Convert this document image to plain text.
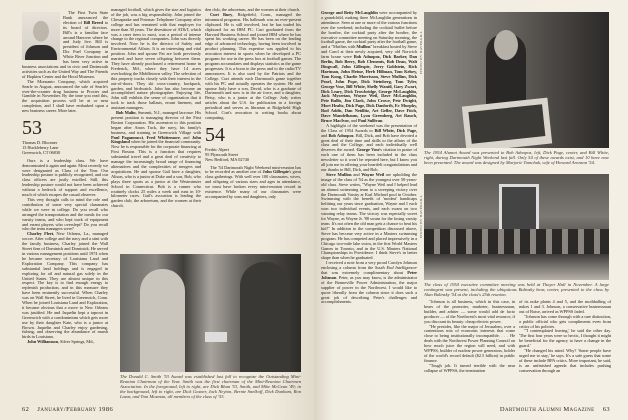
The First Twin State Bank announced the election of Bill Breed to its board of directors. Bill's is a familiar face around Hanover where he and Judy live. Bill is president of Johnson and Dix Fuel Company in White River Junction and has been very active in business associations and in civic and Dartmouth activities such as the United Way and The Friends of Hopkins Center and the Hood Museum.

The Monsanto Company, which acquired Searle in August, announced the sale of Searle's over-the-counter drug business to Procter and Gamble in November. By the time you read this, the acquisition process will be at or near completion, and I shall have embarked upon a new business career. More later.

53

Thomas D. Bloomer
13 Huckleberry Lane
Greenwich, CT 06830

Ours is a leadership class. We have demonstrated it again and again. Most recently we were designated as Class of the Year. Our leadership posture is publicly recognized, and our class officers are justly extolled. Still, this leadership posture would not have been achieved without a bedrock of support and excellence, much of which escapes the casual observer.

This very thought calls to mind the role and contribution of some very special classmates while we were in college. Do you recall who arranged the transportation and the meals for our varsity teams, and who kept track of equipment and errant players who overslept? Do you recall who the team managers were?

Charley Fleet, New Orleans, La., managed soccer. After college and the navy and a stint with the family business, Charley joined the Wall Street firm of Dominick and Dominick. He served in various management positions until 1974 when he became secretary of Louisiana Land and Exploration Company. This company has substantial land holdings and is engaged in exploring for oil and natural gas solely in the United States. They are almost unique in this respect. The key is to find enough energy to replenish production, and in this measure they have been eminently successful. When Charley was on Wall Street, he lived in Greenwich, Conn. When he joined Louisiana Land and Exploration, it became obvious that a move to New Orleans was justified. He and Jaquelin kept a taproot in Greenwich with a condominium which gets more use by their daughter Kate, who is a junior at Brown. Jaquelin and Charley enjoy gardening, fishing, and observing the abundance of marsh birds in Louisiana.

John Williamson, Silver Springs, Md.,

managed football, which gives the size and logistics of the job, was a big responsibility. John joined the Chesapeake and Potomac Telephone Company after college and has remained with that employer for more than 30 years. The divestiture of AT&T, which was a rarer item to most, was a period of intense change to the regional companies. John was directly involved. Now he is the director of Safety and Environmental Affairs. It is an interesting and vital position. John and spouse Pat are both previously married and have seven offspring between them. They have already purchased a retirement home in Frederick, Md., where they have 14 acres overlooking the Middletown valley. The selection of this property tracks closely with their interest in the out-of-doors. They ski cross-country, backpack, garden, and birdwatch. John has also become an accomplished nature photographer. Enjoying life, John still exhibits the sense of organization that it took to track those ballasts, errant linemen, and assistant managers.

Bob Malin, Summit, N.J., managed lacrosse. His present position is managing director of the First Boston Corporation. His ascension to this position began after Amos Tuck, the navy, his family's business, and training in Greenwich Village with Paul Pagannucci, Fred Whittemore, and John Kingsland when he joined the financial community. Now he is responsible for the corporate financing at First Boston. This is a function that requires substantial travel and a great deal of creativity to manage the increasingly broad range of financing alternatives and the complexities of mergers and acquisitions. He and spouse Gail have a daughter, Alison, who is a junior at Duke and a son, Bob, who plays three sports as a junior at the Westminster School in Connecticut. Bob is a runner who routinely clocks 25 miles a week and runs in 10-kilometer races. Gail's avocation is leading the garden club, the arboretum, and the women at their church.

den club, the arboretum, and the women at their church.

Curt Bury, Ridgefield, Conn., managed the intramural programs. His hallmark was an ever-present clipboard. He is still involved, but he has traded his clipboard for an IBM PC. Curt graduated from the Harvard Business School and joined IBM where he has spent his working career. He has been on the leading edge of advanced technology, having been involved in product planning. This expertise was applied to his avocation interest in sports when he developed a PC program for use in the press box at football games. The program accumulates and displays statistics as the game progresses. It is a boon to the press and to the radio/TV announcers. It is also used by the Patriots and the College. Curt attends each Dartmouth game together with his PC and actually operates the system. He and spouse Judy have a son, David, who is a graduate of Dartmouth and now is in the air force, and a daughter, Betsy, who is a junior at the College. Judy writes articles about the U.S. for publication in a foreign periodical and serves as librarian at Ridgefield High School. Curt's avocation is writing books about computing.

54

Fredric Alpert
95 Plymouth Street
New Bedford, MA 02740

The '54 Dartmouth Night Weekend mini-reunion has to be recorded as another one of John Gillespie's great class gatherings. With well over 100 classmates, wives, and offspring of various sizes and ages in attendance, we must have broken every mini-reunion record in existence. While many of our classmates were accompanied by sons and daughters, only

The Donald C. Smith '53 Award was established last fall to recognize the Outstanding Mini-Reunion Chairman of the Year. Smith was the first chairman of the Mini-Reunion Chairmen Association. In the foreground, left to right, are Dick Blum '53, Smith, and Mike McGean '49; in the background, left to right, are Dick Gosner, Jack Neyton, Bernie Snelkoff, Dick Dunham, Ron Lazar, and Tom Mosman, all members of the class of '53.
62 January/February 1986

George and Betty McLaughlin were accompanied by a grandchild, making three McLaughlin generations in attendance. Seen at one or more of the various functions over the weekend, including the cocktail buffet before the bonfire, the cocktail party after the bonfire, the executive committee meeting on Saturday morning, the football game, the cocktail party after the football game, and a "Muffins with Mullins" breakfast hosted by Steve and Carol at their newly acquired, very old Norwich farm house were Bob Adnopoz, Dick Barker, Dan Berlin, Bob Berry, Bob Clements, Bob Dean, Walt Dingwall, John Gillespie, Jerry Goldstein, Rick Hartman, John Heisse, Herb Hillman, Tom Kelsey, Tom Kong, Charlie Morrisson, Steve Mullins, Dick Pearl, John Pope, Dick Steinberg, Tom Tyler, George Vose, Bill White, Shelly Wantil, Gary Zwart, Dick Leary, Dick Trowbridge, George McLaughlin, Jack Myserian, Wayne Weil, Dave McLaughlin, Pete Bullis, Jim Clark, John Crowe, Pete Dwight, Mort Healtz, Dick Page, Dick Danforth, Ev Murphy, Rod Addis, Dan Neidlitz, Art Geller, Dave Fitch, Dave Mandelbaum, Lyon Greenberg, Art Rauch, Bruce MacIvor, and Paul Sullivan.

A highlight of the weekend was the presentation of the Class of 1954 Awards to Bill White, Dick Page, and Bob Adnopoz. Bill, Dick, and Bob have devoted a great deal of their time and skills to the affairs of the class and the College, and each individually well deserves the award. George Vose's citation in praise of each one of them has been included in the class newsletter so it won't be repeated here, but I know you all join me in offering your heartfelt congratulations and our thanks to Bill, Dick, and Bob.

Steve Mullins and Wayne Weil are upholding the image of the class of '54 as the youngest over 50-years-old class. Steve writes, "Wayne Weil and I helped lead an alumni swimming team to a sweeping victory over the Dartmouth Varsity at Karl Michael pool in October. Swimming with the benefit of 'modest' handicaps befitting our years since graduation, Wayne and I each won two individual events, and each swam on two winning relay teams. The victory was especially sweet for Wayne, as Wayne Jr. '88 swam for the losing varsity team. It's not often the old man gets a chance to beat his kid!" In addition to the competition discussed above, Steve has become very active in a Masters swimming program. He has competed and placed impressively in a Chicago two-mile lake swim, in the first World Masters Games in Toronto, and in the U.S. Masters National Championships in Providence. I think Steve's in better shape than when he graduated.

I received a note from a very proud Carolyn Johnson enclosing a column from the South End Intelligencer that was extremely complimentary about Peter Johnson. Peter, as you may know, is the administrator of the Bonneville Power Administration, the major supplier of power in the Northwest. I would like to quote liberally from the column since it does such a great job of describing Peter's challenges and accomplishments.

PHOTO BY HAVERGILL
The 1954 Alumni Award was presented to Bob Adnopoz, left, Dick Page, center, and Bill White, right, during Dartmouth Night Weekend last fall. Only 54 of these awards exist, and 10 have now been presented. The award was designed by Marjorie Tomchuk, wife of Howard Aronson '54.
PHOTO BY HAVERGILL
The class of 1954 executive committee meeting was held at Thayer Hall in November. A large contingent was present, including the ubiquitous Bulinsky bear, center, presented to the class by Alan Bulinsky '54 at the class's 25th reunion.

"Johnson is all business, which in this case, in bears of the promoter, marketer, businessman, builder, and arbiter — some would add de facto producer — of the Northwest's most vital resource, if you discount its beauty: cheap electric power.

"He presides, like the major of Jerusalem, over a contentious mix of economic interests that come close to being institutionally incompatible. . . . He deals with the Northwest Power Planning Council on how much juice the region will need, and with WPPSS, builder of nuclear power generators, holder of the world's record default ($2.5 billion) in public finance.

"Tough job. It turned terrible with the near collapse of WPPSS, the termination

of its nuke plants 4 and 5, and the mothballing of nukes 1 and 3. Johnson, a conservative businessman out of Boise, arrived as WPPSS faded.

"Johnson has come through with a rare distinction, a public official who gets compliments even from critics of his policies.

"'I contemplated leaving,' he said the other day. 'The first four years were so hectic, I thought it might be beneficial for the agency to have a change in the guard.'

"He changed his mind. Why? 'Some people have urged me to stay,' he says. It's a safe guess that some of these include BPA critics. More important, he said, is an unfinished agenda that includes pushing conservation through an

Dartmouth Alumni Magazine 63
